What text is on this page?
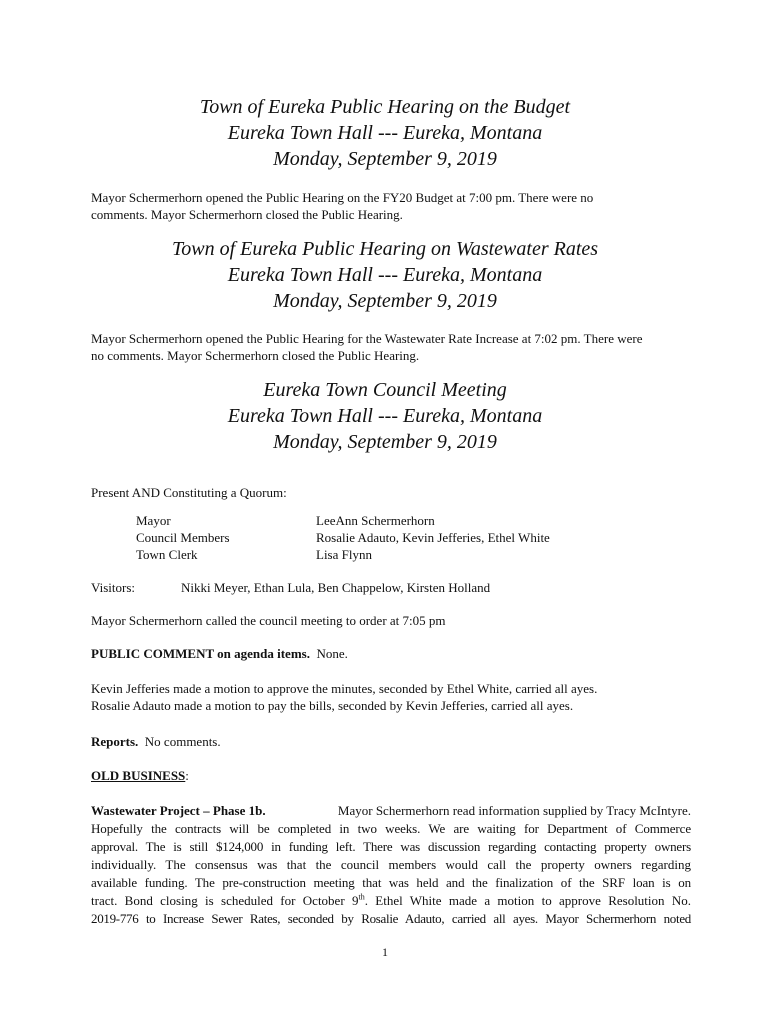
Town of Eureka Public Hearing on the Budget

Eureka Town Hall --- Eureka, Montana

Monday, September 9, 2019

Mayor Schermerhorn opened the Public Hearing on the FY20 Budget at 7:00 pm. There were no
comments. Mayor Schermerhorn closed the Public Hearing.

Town of Eureka Public Hearing on Wastewater Rates

Eureka Town Hall --- Eureka, Montana

Monday, September 9, 2019

Mayor Schermerhorn opened the Public Hearing for the Wastewater Rate Increase at 7:02 pm. There were
no comments. Mayor Schermerhorn closed the Public Hearing.

Eureka Town Council Meeting

Eureka Town Hall --- Eureka, Montana

Monday, September 9, 2019

Present AND Constituting a Quorum:
Mayor	LeeAnn Schermerhorn
Council Members	Rosalie Adauto, Kevin Jefferies, Ethel White
Town Clerk	Lisa Flynn
Visitors:	Nikki Meyer, Ethan Lula, Ben Chappelow, Kirsten Holland
Mayor Schermerhorn called the council meeting to order at 7:05 pm
PUBLIC COMMENT on agenda items. None.
Kevin Jefferies made a motion to approve the minutes, seconded by Ethel White, carried all ayes.
Rosalie Adauto made a motion to pay the bills, seconded by Kevin Jefferies, carried all ayes.
Reports. No comments.
OLD BUSINESS:
Wastewater Project – Phase 1b.	Mayor Schermerhorn read information supplied by Tracy McIntyre.
Hopefully the contracts will be completed in two weeks. We are waiting for Department of Commerce
approval. The is still $124,000 in funding left. There was discussion regarding contacting property owners
individually. The consensus was that the council members would call the property owners regarding
available funding. The pre-construction meeting that was held and the finalization of the SRF loan is on
tract. Bond closing is scheduled for October 9th. Ethel White made a motion to approve Resolution No.
2019-776 to Increase Sewer Rates, seconded by Rosalie Adauto, carried all ayes. Mayor Schermerhorn noted
1
